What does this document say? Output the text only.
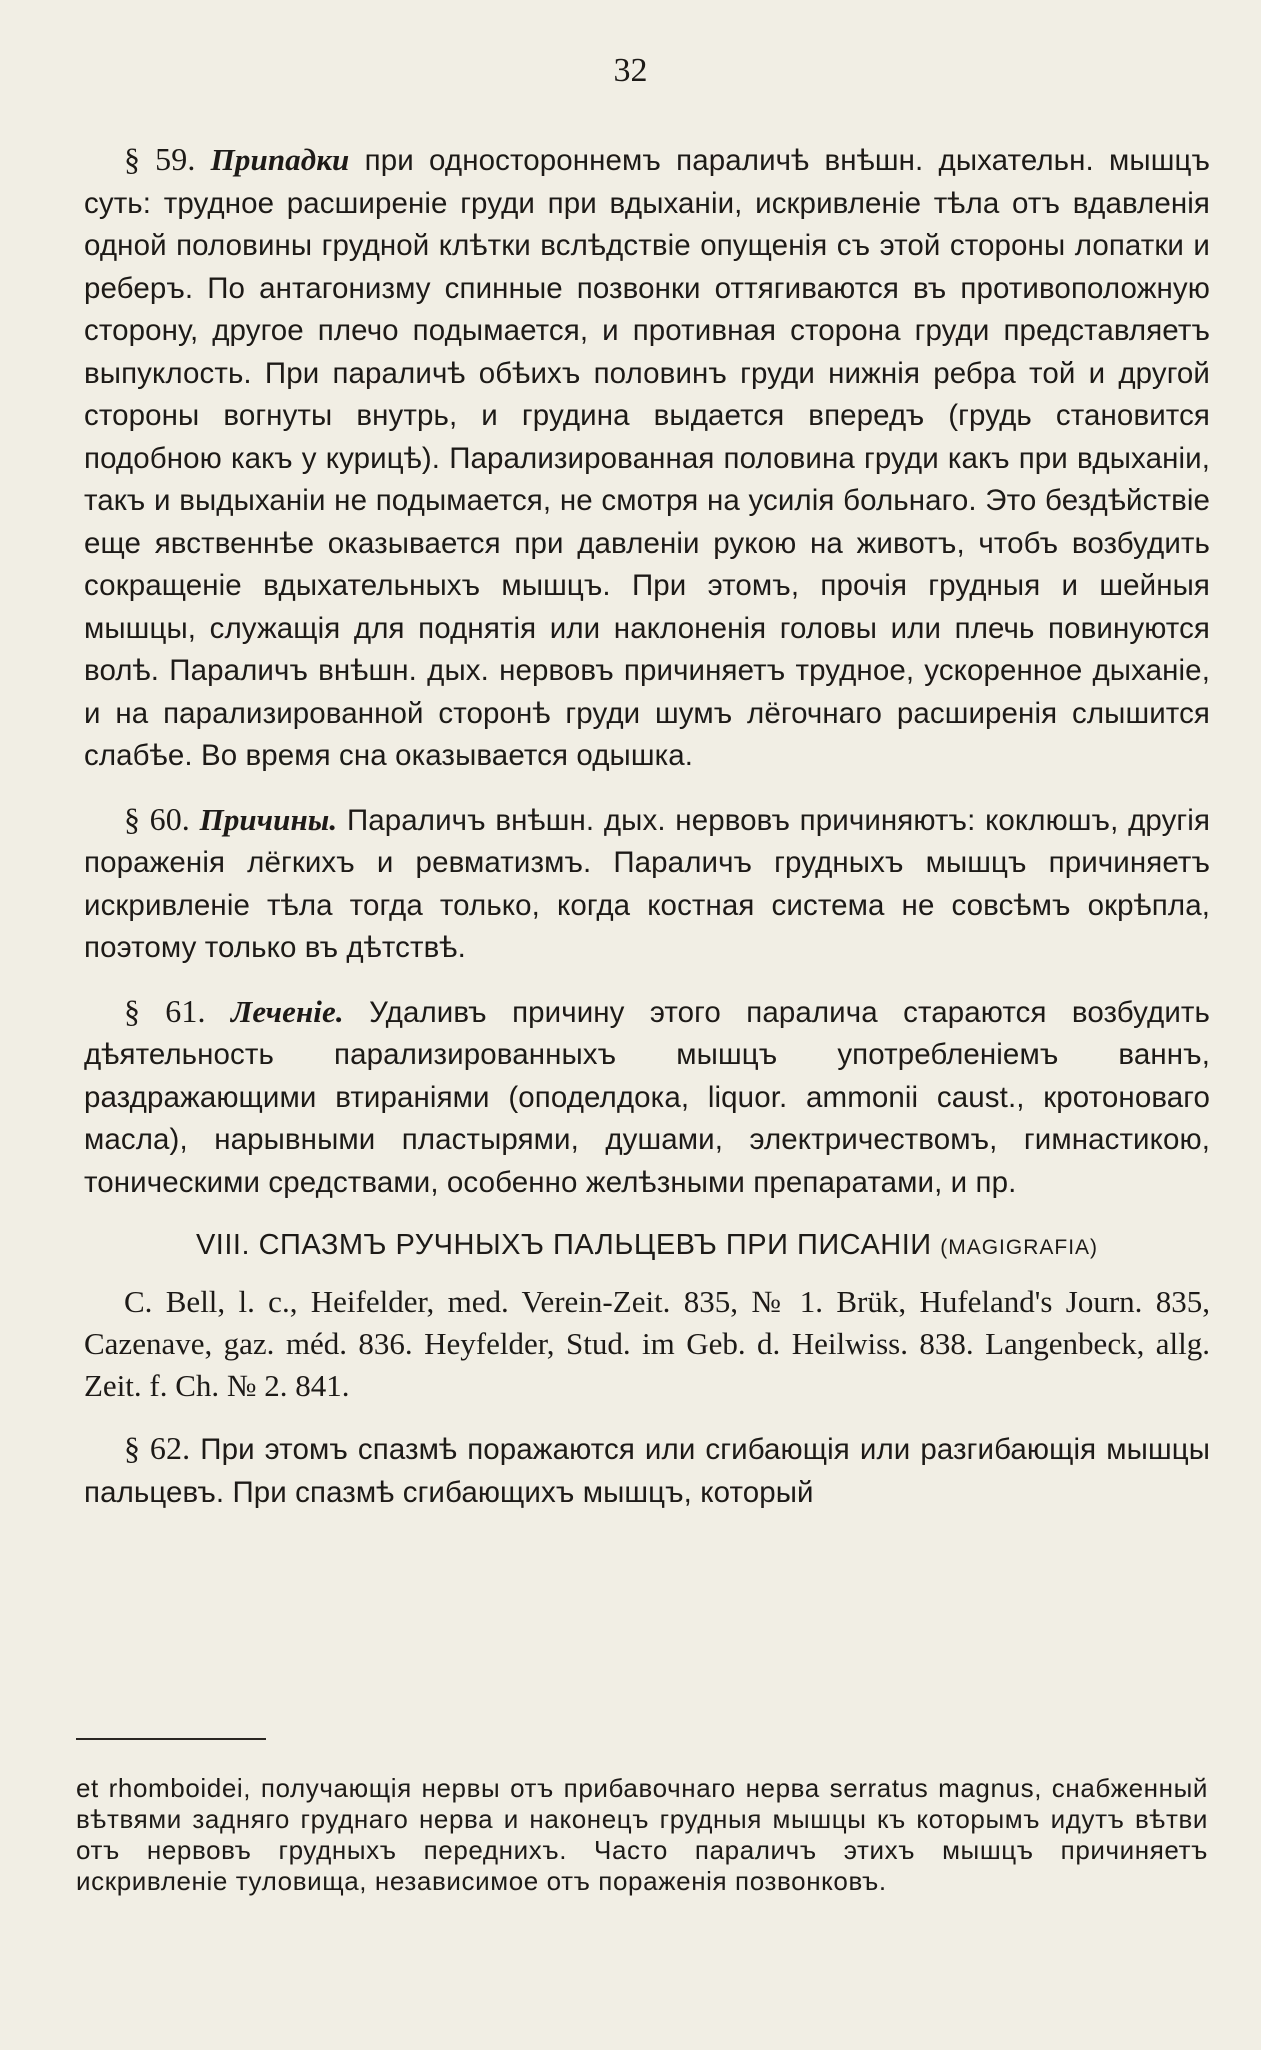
32

§ 59. Припадки при одностороннемъ параличѣ внѣшн. дыхательн. мышцъ суть: трудное расширеніе груди при вдыханіи, искривленіе тѣла отъ вдавленія одной половины грудной клѣтки вслѣдствіе опущенія съ этой стороны лопатки и реберъ. По антагонизму спинные позвонки оттягиваются въ противоположную сторону, другое плечо подымается, и противная сторона груди представляетъ выпуклость. При параличѣ обѣихъ половинъ груди нижнія ребра той и другой стороны вогнуты внутрь, и грудина выдается впередъ (грудь становится подобною какъ у курицѣ). Парализированная половина груди какъ при вдыханіи, такъ и выдыханіи не подымается, не смотря на усилія больнаго. Это бездѣйствіе еще явственнѣе оказывается при давленіи рукою на животъ, чтобъ возбудить сокращеніе вдыхательныхъ мышцъ. При этомъ, прочія грудныя и шейныя мышцы, служащія для поднятія или наклоненія головы или плечь повинуются волѣ. Параличъ внѣшн. дых. нервовъ причиняетъ трудное, ускоренное дыханіе, и на парализированной сторонѣ груди шумъ лёгочнаго расширенія слышится слабѣе. Во время сна оказывается одышка.

§ 60. Причины. Параличъ внѣшн. дых. нервовъ причиняютъ: коклюшъ, другія пораженія лёгкихъ и ревматизмъ. Параличъ грудныхъ мышцъ причиняетъ искривленіе тѣла тогда только, когда костная система не совсѣмъ окрѣпла, поэтому только въ дѣтствѣ.

§ 61. Леченіе. Удаливъ причину этого паралича стараются возбудить дѣятельность парализированныхъ мышцъ употребленіемъ ваннъ, раздражающими втираніями (оподелдока, liquor. ammonii caust., кротоноваго масла), нарывными пластырями, душами, электричествомъ, гимнастикою, тоническими средствами, особенно желѣзными препаратами, и пр.

VIII. СПАЗМЪ РУЧНЫХЪ ПАЛЬЦЕВЪ ПРИ ПИСАНІИ (MAGIGRAFIA)

C. Bell, l. c., Heifelder, med. Verein-Zeit. 835, № 1. Brük, Hufeland's Journ. 835, Cazenave, gaz. méd. 836. Heyfelder, Stud. im Geb. d. Heilwiss. 838. Langenbeck, allg. Zeit. f. Ch. № 2. 841.

§ 62. При этомъ спазмѣ поражаются или сгибающія или разгибающія мышцы пальцевъ. При спазмѣ сгибающихъ мышцъ, который

et rhomboidei, получающія нервы отъ прибавочнаго нерва serratus magnus, снабженный вѣтвями задняго груднаго нерва и наконецъ грудныя мышцы къ которымъ идутъ вѣтви отъ нервовъ грудныхъ переднихъ. Часто параличъ этихъ мышцъ причиняетъ искривленіе туловища, независимое отъ пораженія позвонковъ.
